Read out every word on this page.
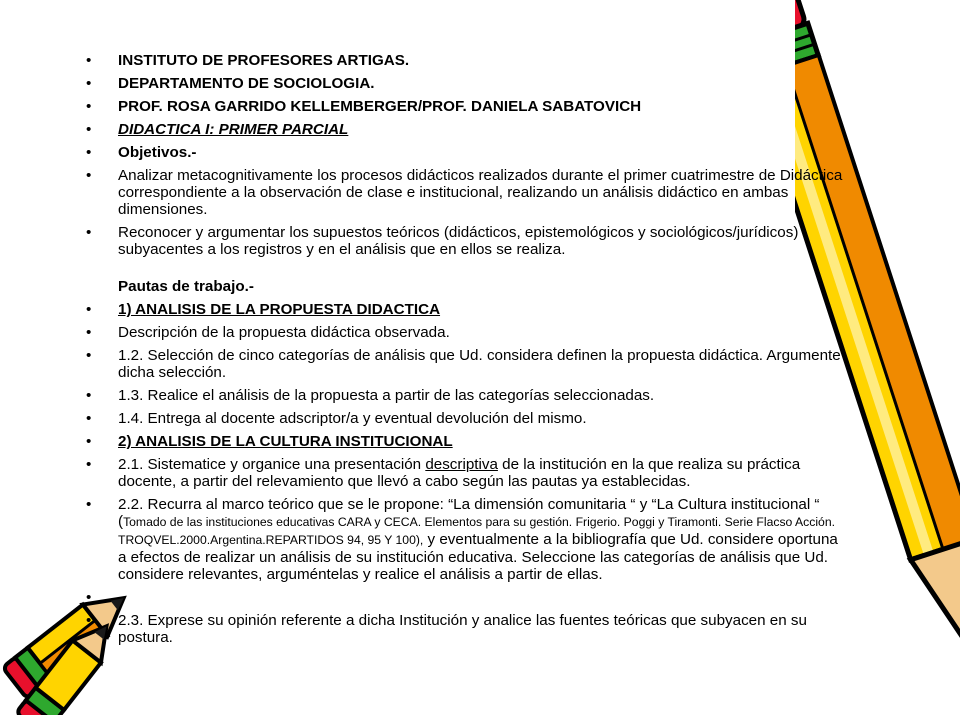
• INSTITUTO DE PROFESORES ARTIGAS.
• DEPARTAMENTO DE SOCIOLOGIA.
• PROF. ROSA GARRIDO KELLEMBERGER/PROF. DANIELA SABATOVICH
• DIDACTICA I: PRIMER PARCIAL
• Objetivos.-
• Analizar metacognitivamente los procesos didácticos realizados durante el primer cuatrimestre de Didáctica correspondiente a la observación de clase e institucional, realizando un análisis didáctico en ambas dimensiones.
• Reconocer y argumentar los supuestos teóricos (didácticos, epistemológicos y sociológicos/jurídicos) subyacentes a los registros y en el análisis que en ellos se realiza.
Pautas de trabajo.-
• 1) ANALISIS DE LA PROPUESTA DIDACTICA
• Descripción de la propuesta didáctica observada.
• 1.2. Selección de cinco categorías de análisis que Ud. considera definen la propuesta didáctica. Argumente dicha selección.
• 1.3. Realice el análisis de la propuesta a partir de las categorías seleccionadas.
• 1.4. Entrega al docente adscriptor/a y eventual devolución del mismo.
• 2) ANALISIS DE LA CULTURA INSTITUCIONAL
• 2.1. Sistematice y organice una presentación descriptiva de la institución en la que realiza su práctica docente, a partir del relevamiento que llevó a cabo según las pautas ya establecidas.
• 2.2. Recurra al marco teórico que se le propone: “La dimensión comunitaria “ y “La Cultura institucional “ (Tomado de las instituciones educativas CARA y CECA. Elementos para su gestión. Frigerio. Poggi y Tiramonti. Serie Flacso Acción. TROQVEL.2000.Argentina.REPARTIDOS 94, 95 Y 100), y eventualmente a la bibliografía que Ud. considere oportuna a efectos de realizar un análisis de su institución educativa. Seleccione las categorías de análisis que Ud. considere relevantes, arguméntelas y realice el análisis a partir de ellas.
•
• 2.3. Exprese su opinión referente a dicha Institución y analice las fuentes teóricas que subyacen en su postura.
